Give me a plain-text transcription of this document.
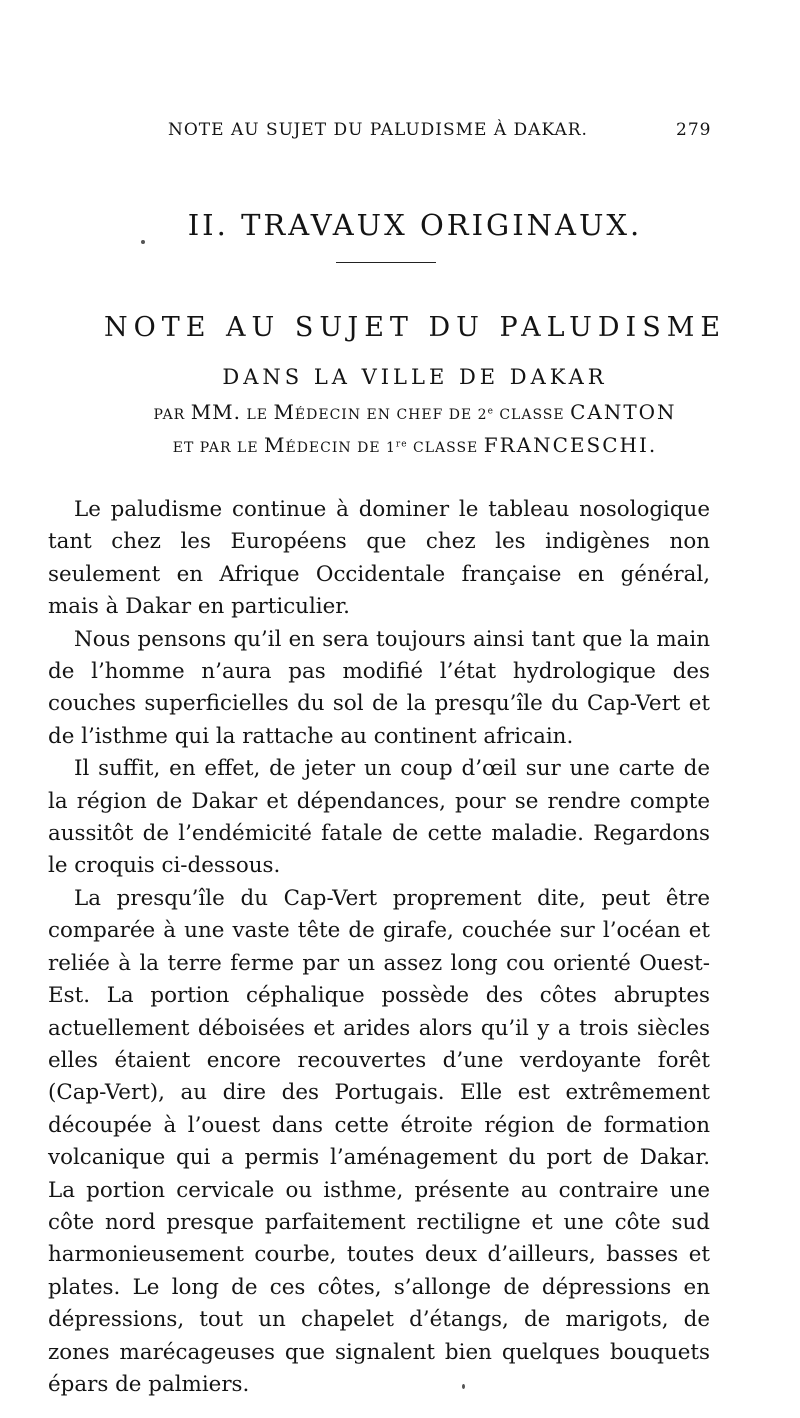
NOTE AU SUJET DU PALUDISME À DAKAR.	279
II. TRAVAUX ORIGINAUX.
NOTE AU SUJET DU PALUDISME
DANS LA VILLE DE DAKAR
PAR MM. LE MÉDECIN EN CHEF DE 2e CLASSE CANTON
ET PAR LE MÉDECIN DE 1re CLASSE FRANCESCHI.

Le paludisme continue à dominer le tableau nosologique tant chez les Européens que chez les indigènes non seulement en Afrique Occidentale française en général, mais à Dakar en particulier.

Nous pensons qu’il en sera toujours ainsi tant que la main de l’homme n’aura pas modifié l’état hydrologique des couches superficielles du sol de la presqu’île du Cap-Vert et de l’isthme qui la rattache au continent africain.

Il suffit, en effet, de jeter un coup d’œil sur une carte de la région de Dakar et dépendances, pour se rendre compte aussitôt de l’endémicité fatale de cette maladie. Regardons le croquis ci-dessous.

La presqu’île du Cap-Vert proprement dite, peut être comparée à une vaste tête de girafe, couchée sur l’océan et reliée à la terre ferme par un assez long cou orienté Ouest-Est. La portion céphalique possède des côtes abruptes actuellement déboisées et arides alors qu’il y a trois siècles elles étaient encore recouvertes d’une verdoyante forêt (Cap-Vert), au dire des Portugais. Elle est extrêmement découpée à l’ouest dans cette étroite région de formation volcanique qui a permis l’aménagement du port de Dakar. La portion cervicale ou isthme, présente au contraire une côte nord presque parfaitement rectiligne et une côte sud harmonieusement courbe, toutes deux d’ailleurs, basses et plates. Le long de ces côtes, s’allonge de dépressions en dépressions, tout un chapelet d’étangs, de marigots, de zones marécageuses que signalent bien quelques bouquets épars de palmiers.
